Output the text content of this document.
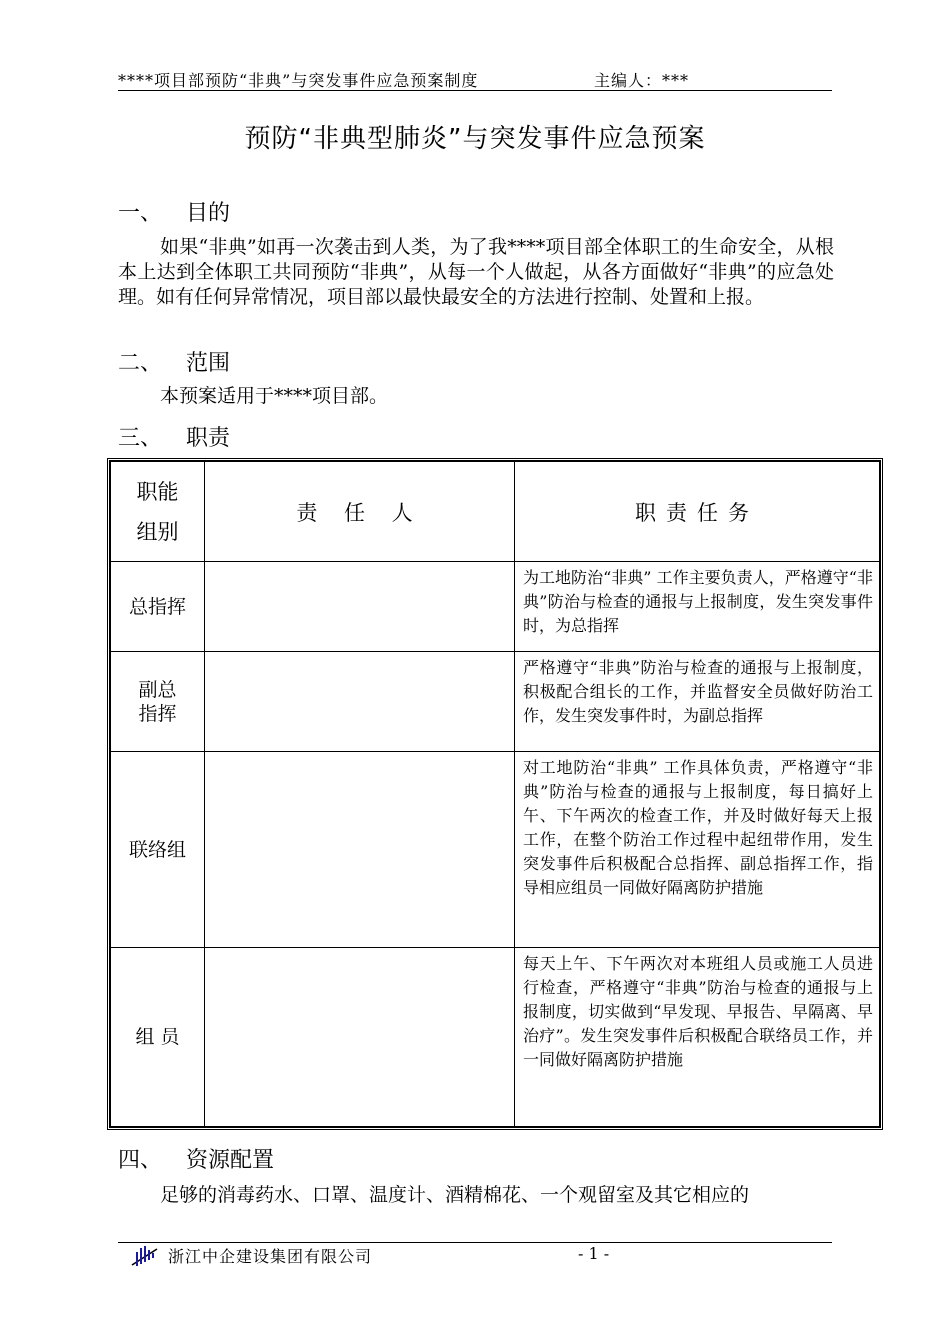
****项目部预防“非典”与突发事件应急预案制度	主编人：***
预防“非典型肺炎”与突发事件应急预案
一、 目的

如果“非典”如再一次袭击到人类，为了我****项目部全体职工的生命安全，从根本上达到全体职工共同预防“非典”，从每一个人做起，从各方面做好“非典”的应急处理。如有任何异常情况，项目部以最快最安全的方法进行控制、处置和上报。

二、 范围

本预案适用于****项目部。

三、 职责
职能
组别	责 任 人	职责任务
总指挥		为工地防治“非典” 工作主要负责人，严格遵守“非典”防治与检查的通报与上报制度，发生突发事件时，为总指挥
副总指挥		严格遵守“非典”防治与检查的通报与上报制度，积极配合组长的工作，并监督安全员做好防治工作，发生突发事件时，为副总指挥
联络组		对工地防治“非典” 工作具体负责，严格遵守“非典”防治与检查的通报与上报制度，每日搞好上午、下午两次的检查工作，并及时做好每天上报工作，在整个防治工作过程中起纽带作用，发生突发事件后积极配合总指挥、副总指挥工作，指导相应组员一同做好隔离防护措施
组 员		每天上午、下午两次对本班组人员或施工人员进行检查，严格遵守“非典”防治与检查的通报与上报制度，切实做到“早发现、早报告、早隔离、早治疗”。发生突发事件后积极配合联络员工作，并一同做好隔离防护措施
四、 资源配置

足够的消毒药水、口罩、温度计、酒精棉花、一个观留室及其它相应的

浙江中企建设集团有限公司	- 1 -
